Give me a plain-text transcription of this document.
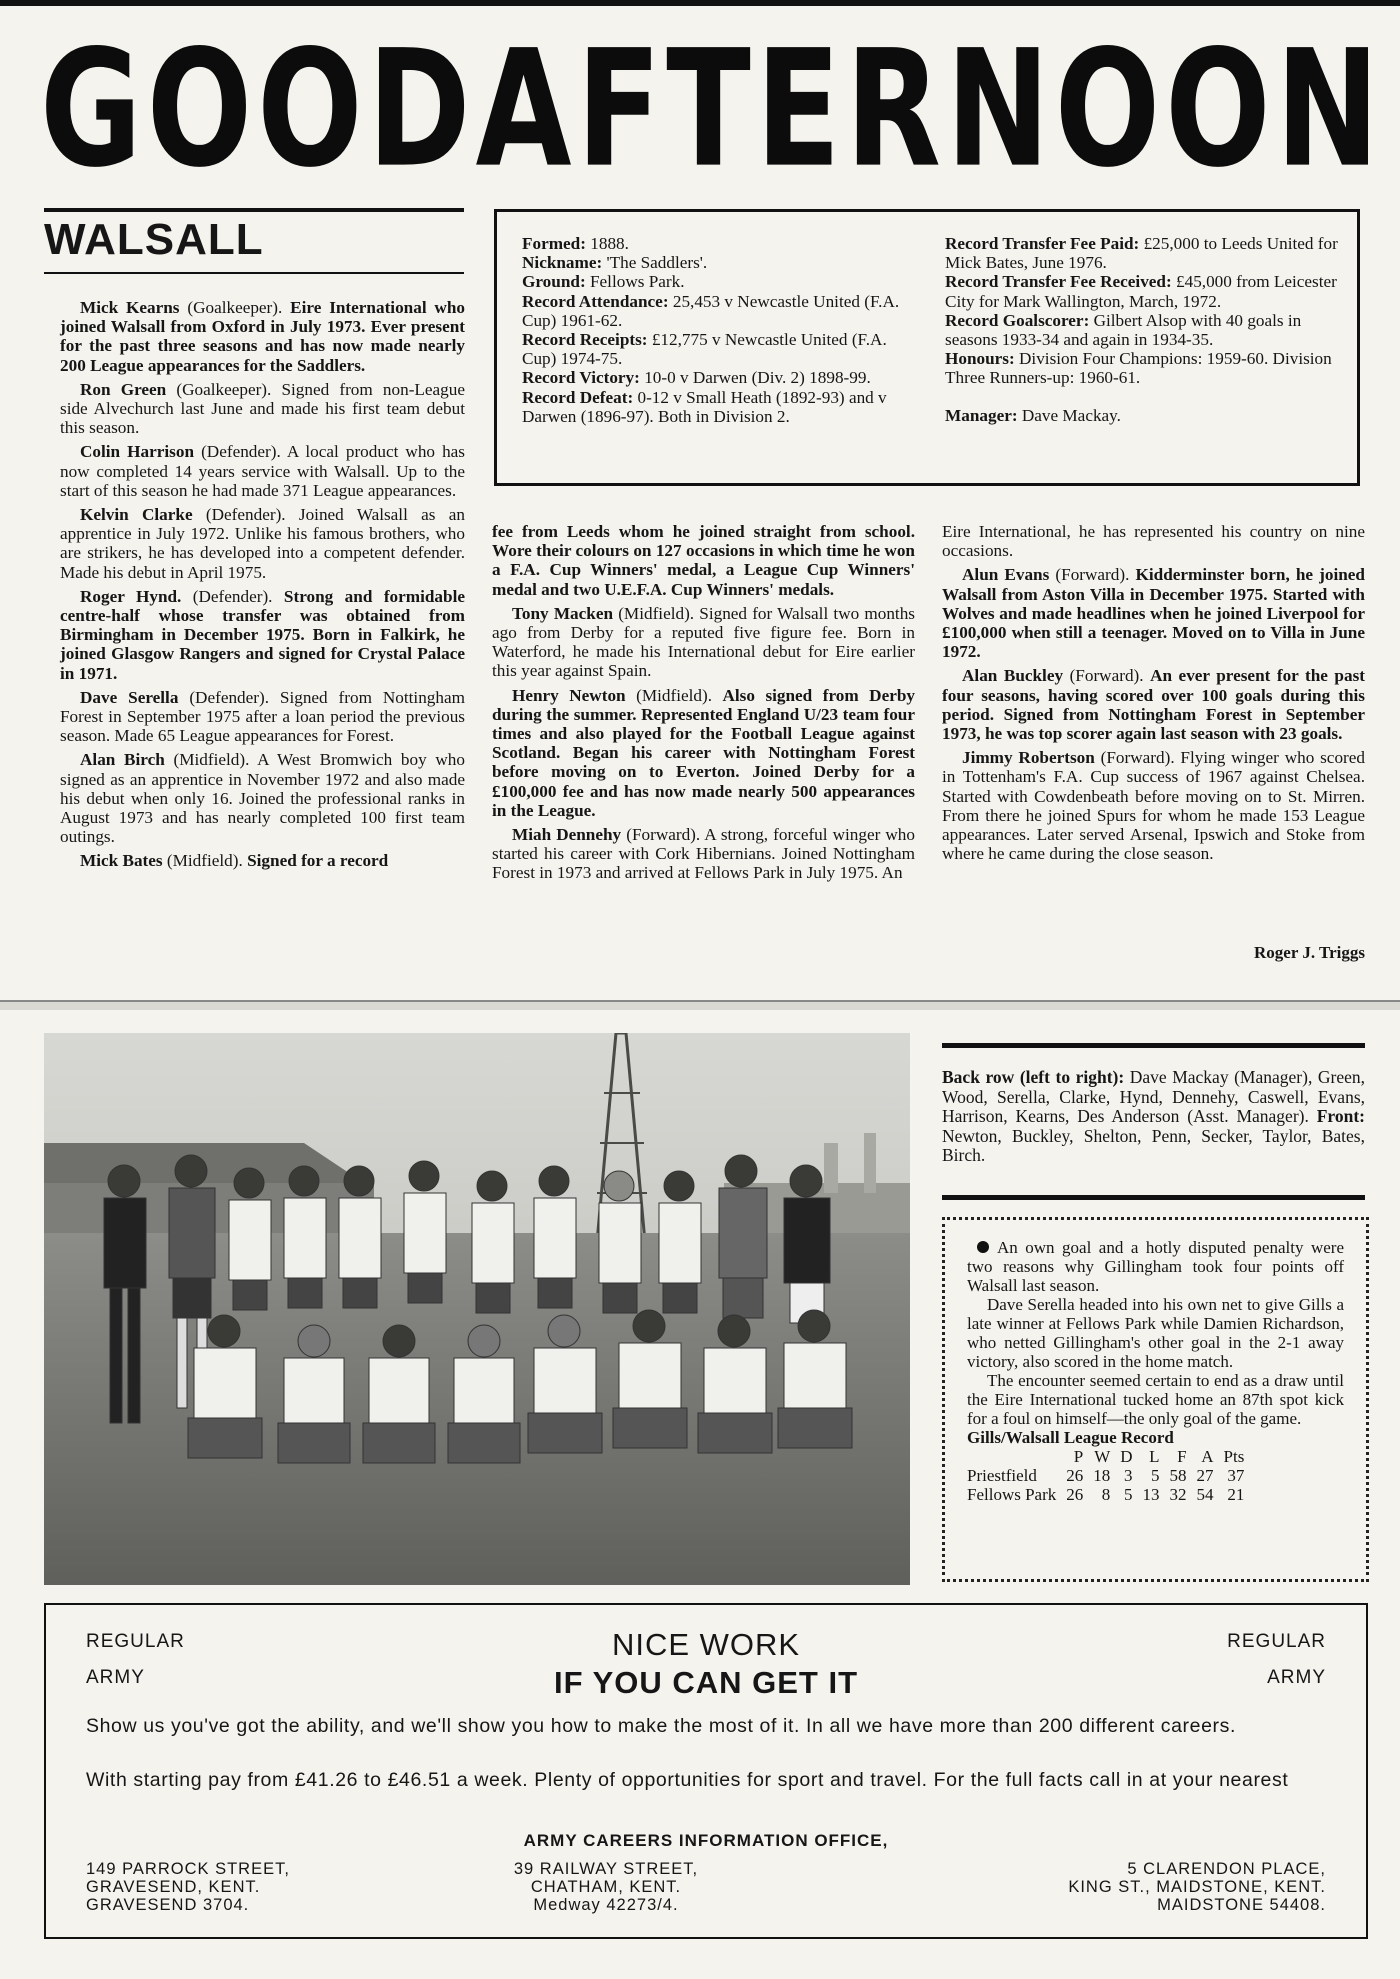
GOOD AFTERNOON
WALSALL

Mick Kearns (Goalkeeper). Eire International who joined Walsall from Oxford in July 1973. Ever present for the past three seasons and has now made nearly 200 League appearances for the Saddlers.

Ron Green (Goalkeeper). Signed from non-League side Alvechurch last June and made his first team debut this season.

Colin Harrison (Defender). A local product who has now completed 14 years service with Walsall. Up to the start of this season he had made 371 League appearances.

Kelvin Clarke (Defender). Joined Walsall as an apprentice in July 1972. Unlike his famous brothers, who are strikers, he has developed into a competent defender. Made his debut in April 1975.

Roger Hynd. (Defender). Strong and formidable centre-half whose transfer was obtained from Birmingham in December 1975. Born in Falkirk, he joined Glasgow Rangers and signed for Crystal Palace in 1971.

Dave Serella (Defender). Signed from Nottingham Forest in September 1975 after a loan period the previous season. Made 65 League appearances for Forest.

Alan Birch (Midfield). A West Bromwich boy who signed as an apprentice in November 1972 and also made his debut when only 16. Joined the professional ranks in August 1973 and has nearly completed 100 first team outings.

Mick Bates (Midfield). Signed for a record

Formed: 1888.
Nickname: 'The Saddlers'.
Ground: Fellows Park.
Record Attendance: 25,453 v Newcastle United (F.A. Cup) 1961-62.
Record Receipts: £12,775 v Newcastle United (F.A. Cup) 1974-75.
Record Victory: 10-0 v Darwen (Div. 2) 1898-99.
Record Defeat: 0-12 v Small Heath (1892-93) and v Darwen (1896-97). Both in Division 2.
Record Transfer Fee Paid: £25,000 to Leeds United for Mick Bates, June 1976.
Record Transfer Fee Received: £45,000 from Leicester City for Mark Wallington, March, 1972.
Record Goalscorer: Gilbert Alsop with 40 goals in seasons 1933-34 and again in 1934-35.
Honours: Division Four Champions: 1959-60. Division Three Runners-up: 1960-61.
Manager: Dave Mackay.

fee from Leeds whom he joined straight from school. Wore their colours on 127 occasions in which time he won a F.A. Cup Winners' medal, a League Cup Winners' medal and two U.E.F.A. Cup Winners' medals.

Tony Macken (Midfield). Signed for Walsall two months ago from Derby for a reputed five figure fee. Born in Waterford, he made his International debut for Eire earlier this year against Spain.

Henry Newton (Midfield). Also signed from Derby during the summer. Represented England U/23 team four times and also played for the Football League against Scotland. Began his career with Nottingham Forest before moving on to Everton. Joined Derby for a £100,000 fee and has now made nearly 500 appearances in the League.

Miah Dennehy (Forward). A strong, forceful winger who started his career with Cork Hibernians. Joined Nottingham Forest in 1973 and arrived at Fellows Park in July 1975. An

Eire International, he has represented his country on nine occasions.

Alun Evans (Forward). Kidderminster born, he joined Walsall from Aston Villa in December 1975. Started with Wolves and made headlines when he joined Liverpool for £100,000 when still a teenager. Moved on to Villa in June 1972.

Alan Buckley (Forward). An ever present for the past four seasons, having scored over 100 goals during this period. Signed from Nottingham Forest in September 1973, he was top scorer again last season with 23 goals.

Jimmy Robertson (Forward). Flying winger who scored in Tottenham's F.A. Cup success of 1967 against Chelsea. Started with Cowdenbeath before moving on to St. Mirren. From there he joined Spurs for whom he made 153 League appearances. Later served Arsenal, Ipswich and Stoke from where he came during the close season.

Roger J. Triggs
Back row (left to right): Dave Mackay (Manager), Green, Wood, Serella, Clarke, Hynd, Dennehy, Caswell, Evans, Harrison, Kearns, Des Anderson (Asst. Manager). Front: Newton, Buckley, Shelton, Penn, Secker, Taylor, Bates, Birch.

An own goal and a hotly disputed penalty were two reasons why Gillingham took four points off Walsall last season.

Dave Serella headed into his own net to give Gills a late winner at Fellows Park while Damien Richardson, who netted Gillingham's other goal in the 2-1 away victory, also scored in the home match.

The encounter seemed certain to end as a draw until the Eire International tucked home an 87th spot kick for a foul on himself—the only goal of the game.

Gills/Walsall League Record
	P	W	D	L	F	A	Pts
Priestfield	26	18	3	5	58	27	37
Fellows Park	26	8	5	13	32	54	21
REGULAR
ARMY
REGULAR
ARMY
NICE WORK
IF YOU CAN GET IT
Show us you've got the ability, and we'll show you how to make the most of it. In all we have more than 200 different careers.
With starting pay from £41.26 to £46.51 a week. Plenty of opportunities for sport and travel. For the full facts call in at your nearest
ARMY CAREERS INFORMATION OFFICE,
149 PARROCK STREET,
GRAVESEND, KENT.
GRAVESEND 3704.
39 RAILWAY STREET,
CHATHAM, KENT.
Medway 42273/4.
5 CLARENDON PLACE,
KING ST., MAIDSTONE, KENT.
MAIDSTONE 54408.
